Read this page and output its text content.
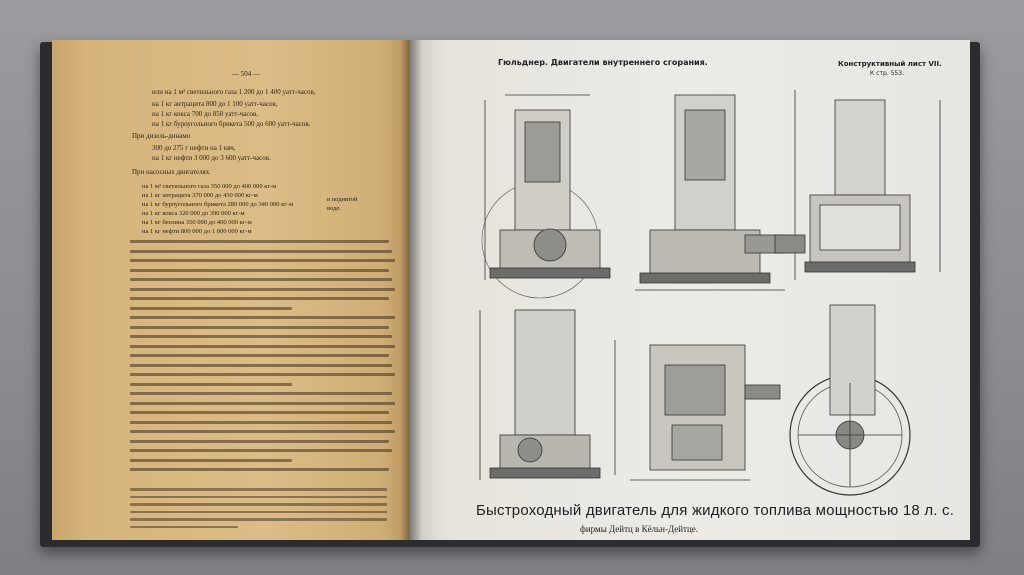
— 504 —
или на 1 м³ светильного газа 1 200 до 1 400 уатт-часов,
на 1 кг антрацита 800 до 1 100 уатт-часов,
на 1 кг кокса 700 до 850 уатт-часов,
на 1 кг буроугольного брикета 500 до 600 уатт-часов.
При дизель-динамо
300 до 275 г нефти на 1 квч,
на 1 кг нефти 3 000 до 3 600 уатт-часов.
При насосных двигателях
на 1 м³ светильного газа 350 000 до 400 000 кг-м
на 1 кг антрацита 370 000 до 450 000 кг-м
на 1 кг буроугольного брикета 280 000 до 340 000 кг-м
на 1 кг кокса 320 000 до 390 000 кг-м
на 1 кг бензина 350 000 до 400 000 кг-м
на 1 кг нефти 800 000 до 1 000 000 кг-м
в поднятой
воде.
Гюльднер. Двигатели внутреннего сгорания.	Конструктивный лист VII.
К стр. 553.
Быстроходный двигатель для жидкого топлива мощностью 18 л. с.
фирмы Дейтц в Кёльн-Дейтце.
